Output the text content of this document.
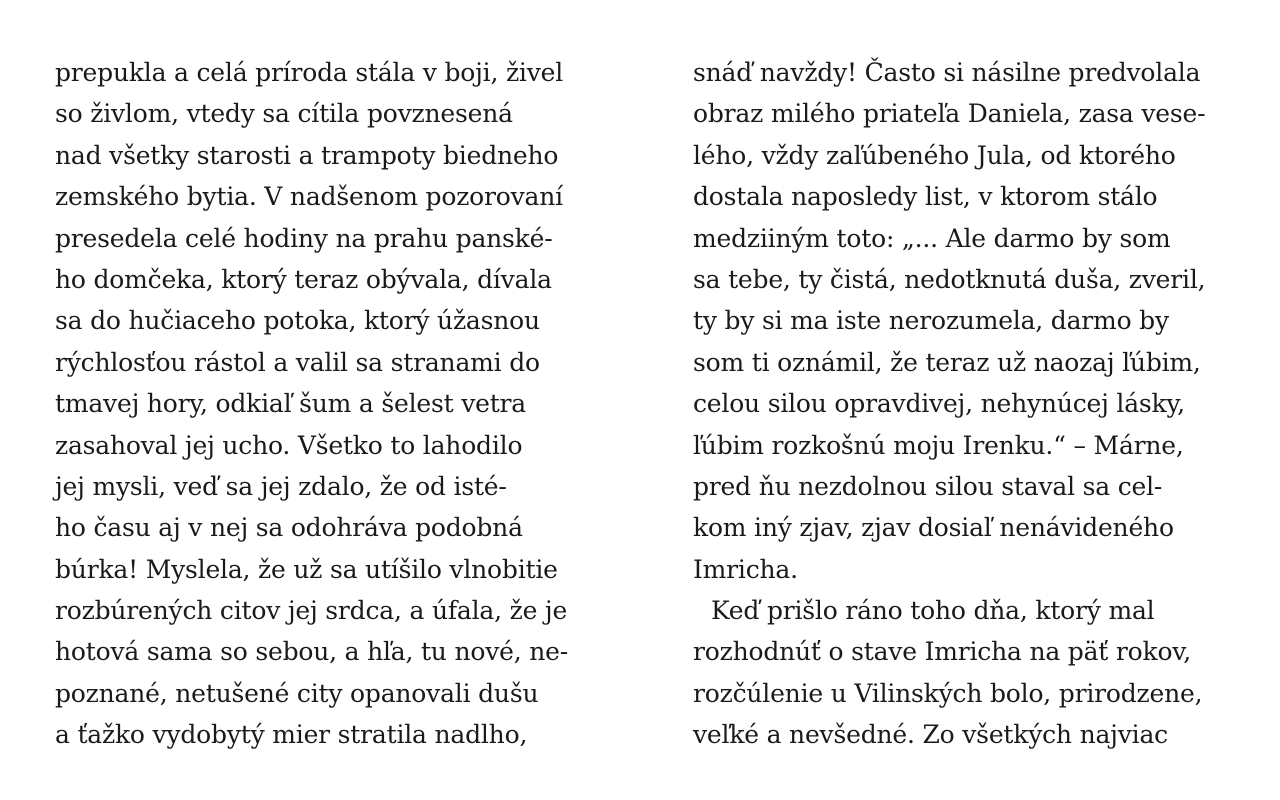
prepukla a celá príroda stála v boji, živel
so živlom, vtedy sa cítila povznesená
nad všetky starosti a trampoty biedneho
zemského bytia. V nadšenom pozorovaní
presedela celé hodiny na prahu panské-
ho domčeka, ktorý teraz obývala, dívala
sa do hučiaceho potoka, ktorý úžasnou
rýchlosťou rástol a valil sa stranami do
tmavej hory, odkiaľ šum a šelest vetra
zasahoval jej ucho. Všetko to lahodilo
jej mysli, veď sa jej zdalo, že od isté-
ho času aj v nej sa odohráva podobná
búrka! Myslela, že už sa utíšilo vlnobitie
rozbúrených citov jej srdca, a úfala, že je
hotová sama so sebou, a hľa, tu nové, ne-
poznané, netušené city opanovali dušu
a ťažko vydobytý mier stratila nadlho,
snáď navždy! Často si násilne predvolala
obraz milého priateľa Daniela, zasa vese-
lého, vždy zaľúbeného Jula, od ktorého
dostala naposledy list, v ktorom stálo
medziiným toto: „... Ale darmo by som
sa tebe, ty čistá, nedotknutá duša, zveril,
ty by si ma iste nerozumela, darmo by
som ti oznámil, že teraz už naozaj ľúbim,
celou silou opravdivej, nehynúcej lásky,
ľúbim rozkošnú moju Irenku.“ – Márne,
pred ňu nezdolnou silou staval sa cel-
kom iný zjav, zjav dosiaľ nenávideného
Imricha.
Keď prišlo ráno toho dňa, ktorý mal
rozhodnúť o stave Imricha na päť rokov,
rozčúlenie u Vilinských bolo, prirodzene,
veľké a nevšedné. Zo všetkých najviac
